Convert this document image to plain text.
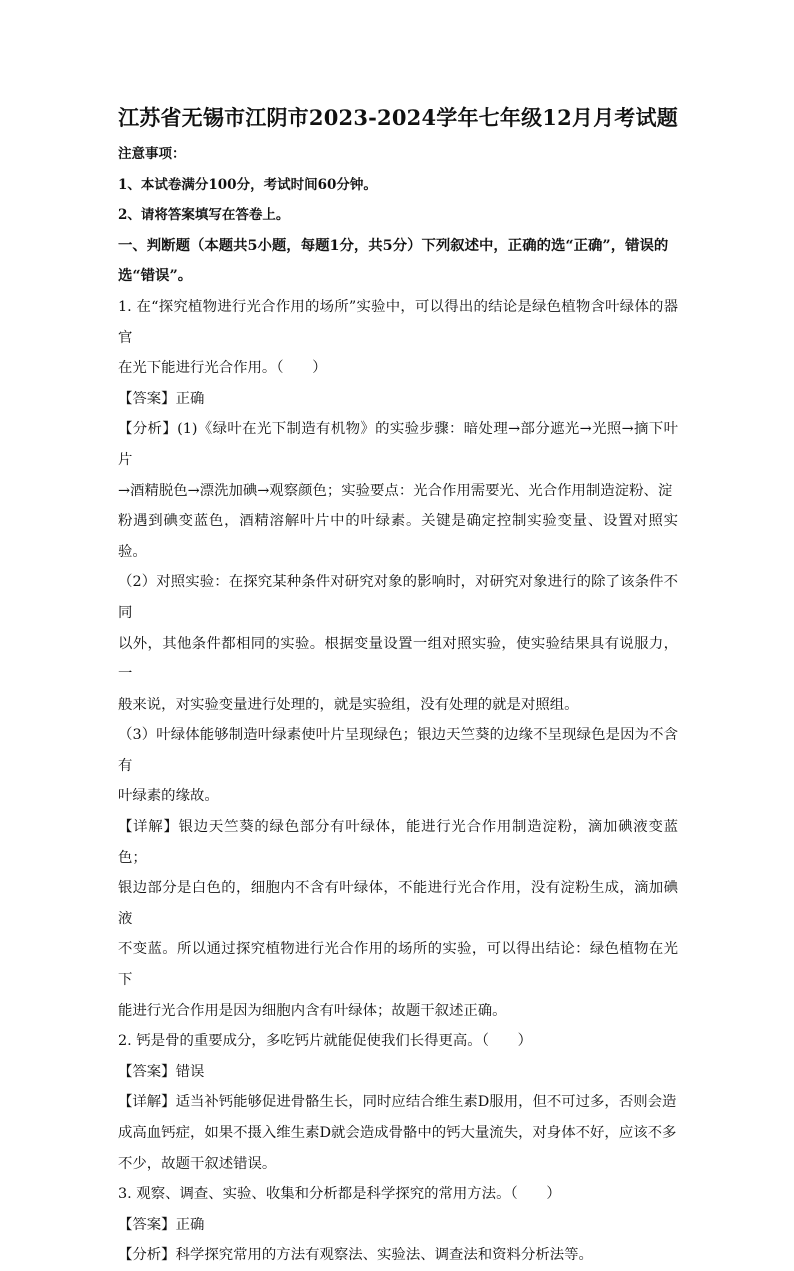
江苏省无锡市江阴市2023-2024学年七年级12月月考试题

注意事项：

1、本试卷满分100分，考试时间60分钟。

2、请将答案填写在答卷上。

一、判断题（本题共5小题，每题1分，共5分）下列叙述中，正确的选“正确”，错误的

选“错误”。

1. 在“探究植物进行光合作用的场所”实验中，可以得出的结论是绿色植物含叶绿体的器官

在光下能进行光合作用。（　　）

【答案】正确

【分析】(1)《绿叶在光下制造有机物》的实验步骤：暗处理→部分遮光→光照→摘下叶片

→酒精脱色→漂洗加碘→观察颜色；实验要点：光合作用需要光、光合作用制造淀粉、淀

粉遇到碘变蓝色，酒精溶解叶片中的叶绿素。关键是确定控制实验变量、设置对照实验。

（2）对照实验：在探究某种条件对研究对象的影响时，对研究对象进行的除了该条件不同

以外，其他条件都相同的实验。根据变量设置一组对照实验，使实验结果具有说服力，一

般来说，对实验变量进行处理的，就是实验组，没有处理的就是对照组。

（3）叶绿体能够制造叶绿素使叶片呈现绿色；银边天竺葵的边缘不呈现绿色是因为不含有

叶绿素的缘故。

【详解】银边天竺葵的绿色部分有叶绿体，能进行光合作用制造淀粉，滴加碘液变蓝色；

银边部分是白色的，细胞内不含有叶绿体，不能进行光合作用，没有淀粉生成，滴加碘液

不变蓝。所以通过探究植物进行光合作用的场所的实验，可以得出结论：绿色植物在光下

能进行光合作用是因为细胞内含有叶绿体；故题干叙述正确。

2. 钙是骨的重要成分，多吃钙片就能促使我们长得更高。（　　）

【答案】错误

【详解】适当补钙能够促进骨骼生长，同时应结合维生素D服用，但不可过多，否则会造

成高血钙症，如果不摄入维生素D就会造成骨骼中的钙大量流失，对身体不好，应该不多

不少，故题干叙述错误。

3. 观察、调查、实验、收集和分析都是科学探究的常用方法。（　　）

【答案】正确

【分析】科学探究常用的方法有观察法、实验法、调查法和资料分析法等。
